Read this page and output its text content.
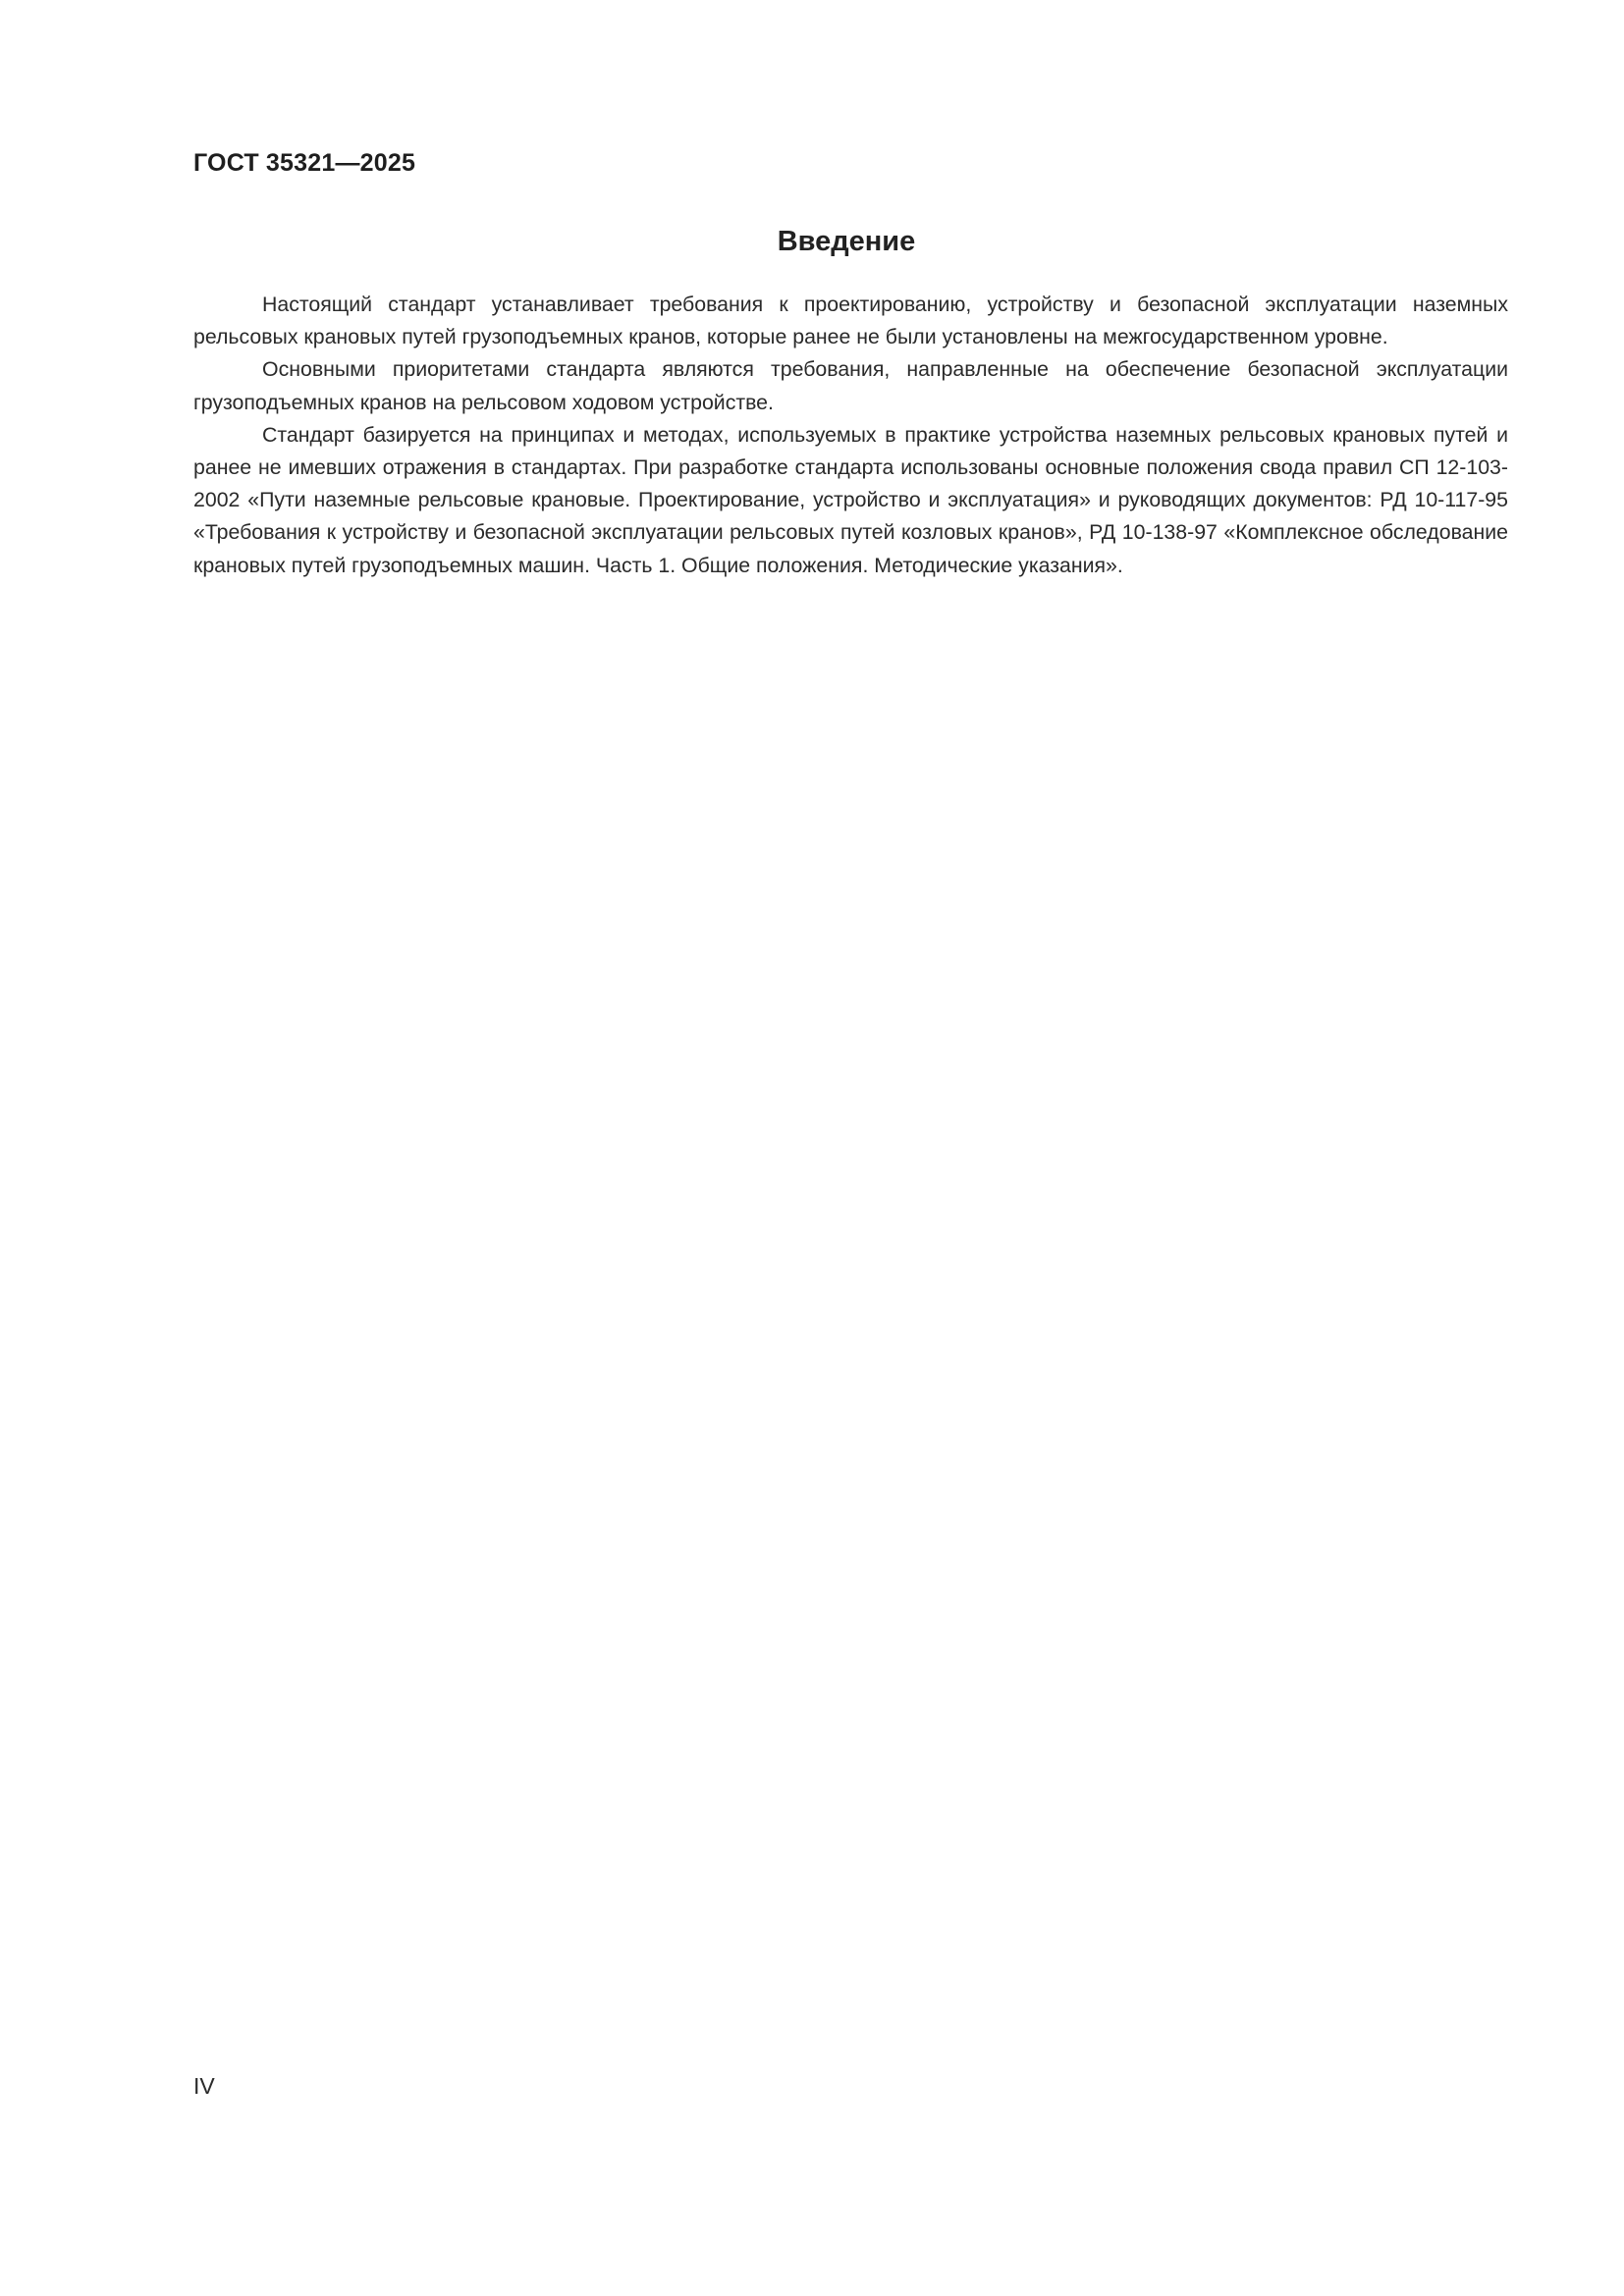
ГОСТ 35321—2025
Введение

Настоящий стандарт устанавливает требования к проектированию, устройству и безопасной эксплуатации наземных рельсовых крановых путей грузоподъемных кранов, которые ранее не были установлены на межгосударственном уровне.

Основными приоритетами стандарта являются требования, направленные на обеспечение безопасной эксплуатации грузоподъемных кранов на рельсовом ходовом устройстве.

Стандарт базируется на принципах и методах, используемых в практике устройства наземных рельсовых крановых путей и ранее не имевших отражения в стандартах. При разработке стандарта использованы основные положения свода правил СП 12-103-2002 «Пути наземные рельсовые крановые. Проектирование, устройство и эксплуатация» и руководящих документов: РД 10-117-95 «Требования к устройству и безопасной эксплуатации рельсовых путей козловых кранов», РД 10-138-97 «Комплексное обследование крановых путей грузоподъемных машин. Часть 1. Общие положения. Методические указания».

IV
